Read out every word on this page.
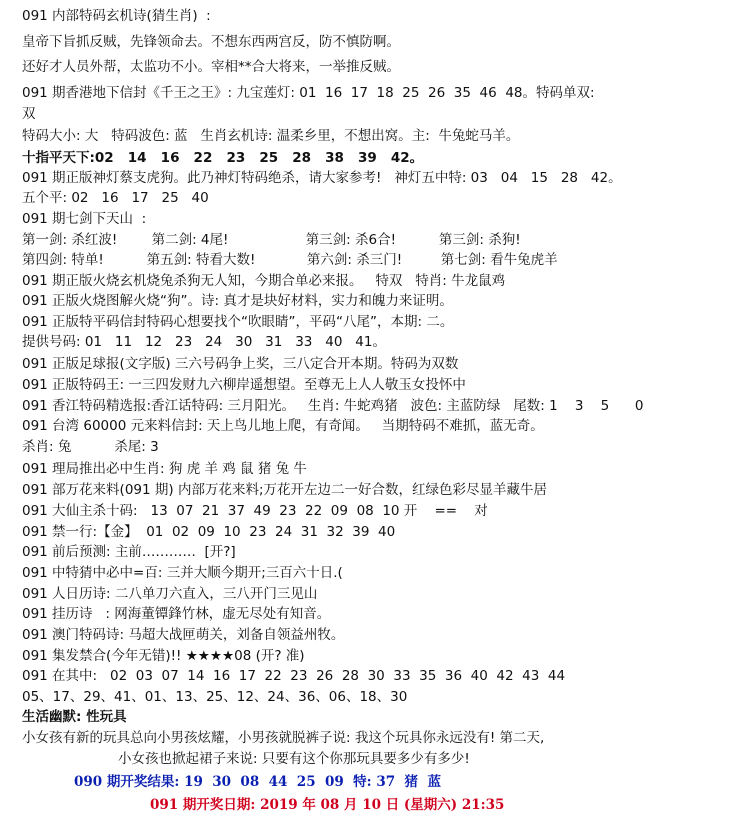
091 内部特码玄机诗(猜生肖)  :
皇帝下旨抓反贼，先锋领命去。不想东西两宫反，防不慎防啊。
还好才人员外帮，太监功不小。宰相**合大将来，一举推反贼。
091 期香港地下信封《千王之王》: 九宝莲灯: 01  16  17  18  25  26  35  46  48。特码单双:
双
特码大小: 大   特码波色: 蓝   生肖玄机诗: 温柔乡里，不想出窝。主:  牛兔蛇马羊。
十指平天下:02   14   16   22   23   25   28   38   39   42。
091 期正版神灯蔡支虎狗。此乃神灯特码绝杀，请大家参考!   神灯五中特: 03   04   15   28   42。
五个平: 02   16   17   25   40
091 期七剑下天山  :
第一剑: 杀红波!        第二剑: 4尾!                  第三剑: 杀6合!          第三剑: 杀狗!
第四剑: 特单!          第五剑: 特看大数!            第六剑: 杀三门!         第七剑: 看牛兔虎羊
091 期正版火烧玄机烧兔杀狗无人知，今期合单必来报。   特双   特肖: 牛龙鼠鸡
091 正版火烧图解火烧“狗”。诗: 真才是块好材料，实力和魄力来证明。
091 正版特平码信封特码心想要找个“吹眼睛”，平码“八尾”，本期: 二。
提供号码: 01   11   12   23   24   30   31   33   40   41。
091 正版足球报(文字版) 三六号码争上奖，三八定合开本期。特码为双数
091 正版特码王: 一三四发财九六柳岸遥想望。至尊无上人人敬玉女投怀中
091 香江特码精选报:香江话特码: 三月阳光。   生肖: 牛蛇鸡猪   波色: 主蓝防绿   尾数: 1    3    5      0
091 台湾 60000 元来料信封: 天上鸟儿地上爬，有奇闻。   当期特码不难抓，蓝无奇。
杀肖: 兔          杀尾: 3
091 理局推出必中生肖: 狗 虎 羊 鸡 鼠 猪 兔 牛
091 部万花来料(091 期) 内部万花来料;万花开左边二一好合数，红绿色彩尽显羊藏牛居
091 大仙主杀十码:   13  07  21  37  49  23  22  09  08  10 开    ==    对
091 禁一行:【金】  01  02  09  10  23  24  31  32  39  40
091 前后预测: 主前…………  [开?]
091 中特猜中必中=百: 三并大顺今期开;三百六十日.(
091 人日历诗: 二八单刀六直入，三八开门三见山
091 挂历诗   : 网海董镡鋒竹林，虚无尽处有知音。
091 澳门特码诗: 马超大战匣萌关，刘备自领益州牧。
091 集发禁合(今年无错)!! ★★★★08 (开? 准)
091 在其中:   02  03  07  14  16  17  22  23  26  28  30  33  35  36  40  42  43  44
05、17、29、41、01、13、25、12、24、36、06、18、30
生活幽默: 性玩具
小女孩有新的玩具总向小男孩炫耀，小男孩就脱裤子说: 我这个玩具你永远没有! 第二天,
小女孩也掀起裙子来说: 只要有这个你那玩具要多少有多少!
090 期开奖结果: 19  30  08  44  25  09  特: 37  猪  蓝
091 期开奖日期: 2019 年 08 月 10 日 (星期六) 21:35
